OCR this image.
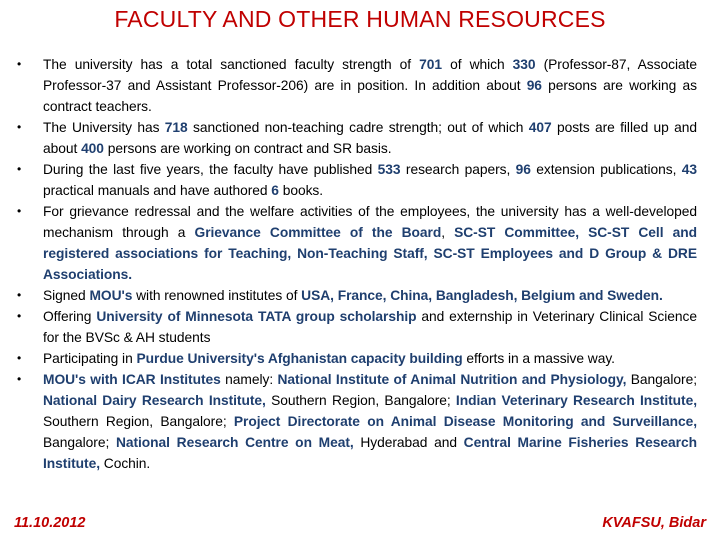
FACULTY AND OTHER HUMAN RESOURCES
• The university has a total sanctioned faculty strength of 701 of which 330 (Professor-87, Associate Professor-37 and Assistant Professor-206) are in position. In addition about 96 persons are working as contract teachers.
• The University has 718 sanctioned non-teaching cadre strength; out of which 407 posts are filled up and about 400 persons are working on contract and SR basis.
• During the last five years, the faculty have published 533 research papers, 96 extension publications, 43 practical manuals and have authored 6 books.
• For grievance redressal and the welfare activities of the employees, the university has a well-developed mechanism through a Grievance Committee of the Board, SC-ST Committee, SC-ST Cell and registered associations for Teaching, Non-Teaching Staff, SC-ST Employees and D Group & DRE Associations.
• Signed MOU's with renowned institutes of USA, France, China, Bangladesh, Belgium and Sweden.
• Offering University of Minnesota TATA group scholarship and externship in Veterinary Clinical Science for the BVSc & AH students
• Participating in Purdue University's Afghanistan capacity building efforts in a massive way.
• MOU's with ICAR Institutes namely: National Institute of Animal Nutrition and Physiology, Bangalore; National Dairy Research Institute, Southern Region, Bangalore; Indian Veterinary Research Institute, Southern Region, Bangalore; Project Directorate on Animal Disease Monitoring and Surveillance, Bangalore; National Research Centre on Meat, Hyderabad and Central Marine Fisheries Research Institute, Cochin.
11.10.2012	KVAFSU, Bidar
